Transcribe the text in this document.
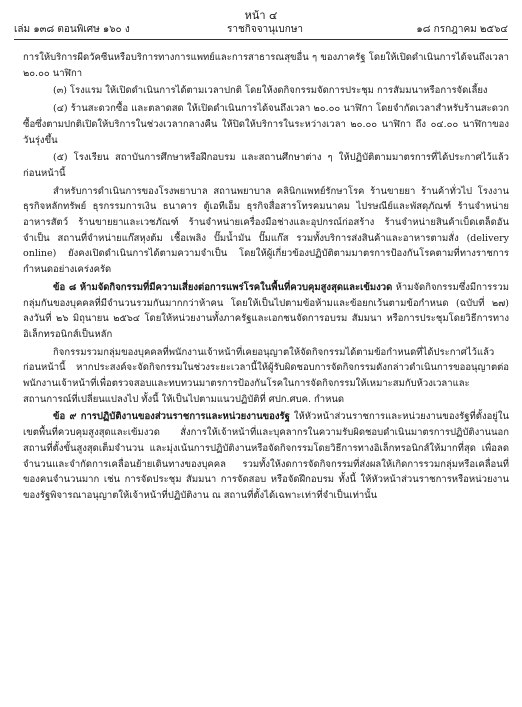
หน้า ๔
เล่ม ๑๓๘ ตอนพิเศษ ๑๖๐ ง	ราชกิจจานุเบกษา	๑๘ กรกฎาคม ๒๕๖๔

การให้บริการผีดวัคซีนหรือบริการทางการแพทย์และการสาธารณสุขอื่น ๆ ของภาครัฐ โดยให้เปิดดำเนินการได้จนถึงเวลา ๒๐.๐๐ นาฬิกา

(๓) โรงแรม ให้เปิดดำเนินการได้ตามเวลาปกติ โดยให้งดกิจกรรมจัดการประชุม การสัมมนาหรือการจัดเลี้ยง

(๔) ร้านสะดวกซื้อ และตลาดสด ให้เปิดดำเนินการได้จนถึงเวลา ๒๐.๐๐ นาฬิกา โดยจำกัดเวลาสำหรับร้านสะดวกซื้อซึ่งตามปกติเปิดให้บริการในช่วงเวลากลางคืน ให้ปิดให้บริการในระหว่างเวลา ๒๐.๐๐ นาฬิกา ถึง ๐๔.๐๐ นาฬิกาของวันรุ่งขึ้น

(๕) โรงเรียน สถาบันการศึกษาหรือฝึกอบรม และสถานศึกษาต่าง ๆ ให้ปฏิบัติตามมาตรการที่ได้ประกาศไว้แล้วก่อนหน้านี้

สำหรับการดำเนินการของโรงพยาบาล สถานพยาบาล คลินิกแพทย์รักษาโรค ร้านขายยา ร้านค้าทั่วไป โรงงาน ธุรกิจหลักทรัพย์ ธุรกรรมการเงิน ธนาคาร ตู้เอทีเอ็ม ธุรกิจสื่อสารโทรคมนาคม ไปรษณีย์และพัสดุภัณฑ์ ร้านจำหน่ายอาหารสัตว์ ร้านขายยาและเวชภัณฑ์ ร้านจำหน่ายเครื่องมือช่างและอุปกรณ์ก่อสร้าง ร้านจำหน่ายสินค้าเบ็ดเตล็ดอันจำเป็น สถานที่จำหน่ายแก๊สหุงต้ม เชื้อเพลิง ปั๊มน้ำมัน ปั๊มแก๊ส รวมทั้งบริการส่งสินค้าและอาหารตามสั่ง (delivery online) ยังคงเปิดดำเนินการได้ตามความจำเป็น โดยให้ผู้เกี่ยวข้องปฏิบัติตามมาตรการป้องกันโรคตามที่ทางราชการกำหนดอย่างเคร่งครัด

ข้อ ๘ ห้ามจัดกิจกรรมที่มีความเสี่ยงต่อการแพร่โรคในพื้นที่ควบคุมสูงสุดและเข้มงวด ห้ามจัดกิจกรรมซึ่งมีการรวมกลุ่มกันของบุคคลที่มีจำนวนรวมกันมากกว่าห้าคน โดยให้เป็นไปตามข้อห้ามและข้อยกเว้นตามข้อกำหนด (ฉบับที่ ๒๗) ลงวันที่ ๒๖ มิถุนายน ๒๕๖๔ โดยให้หน่วยงานทั้งภาครัฐและเอกชนจัดการอบรม สัมมนา หรือการประชุมโดยวิธีการทางอิเล็กทรอนิกส์เป็นหลัก

กิจกรรมรวมกลุ่มของบุคคลที่พนักงานเจ้าหน้าที่เคยอนุญาตให้จัดกิจกรรมได้ตามข้อกำหนดที่ได้ประกาศไว้แล้วก่อนหน้านี้ หากประสงค์จะจัดกิจกรรมในช่วงระยะเวลานี้ให้ผู้รับผิดชอบการจัดกิจกรรมดังกล่าวดำเนินการขออนุญาตต่อพนักงานเจ้าหน้าที่เพื่อตรวจสอบและทบทวนมาตรการป้องกันโรคในการจัดกิจกรรมให้เหมาะสมกับห้วงเวลาและสถานการณ์ที่เปลี่ยนแปลงไป ทั้งนี้ ให้เป็นไปตามแนวปฏิบัติที่ ศปก.ศบค. กำหนด

ข้อ ๙ การปฏิบัติงานของส่วนราชการและหน่วยงานของรัฐ ให้หัวหน้าส่วนราชการและหน่วยงานของรัฐที่ตั้งอยู่ในเขตพื้นที่ควบคุมสูงสุดและเข้มงวด สั่งการให้เจ้าหน้าที่และบุคลากรในความรับผิดชอบดำเนินมาตรการปฏิบัติงานนอกสถานที่ตั้งขั้นสูงสุดเต็มจำนวน และมุ่งเน้นการปฏิบัติงานหรือจัดกิจกรรมโดยวิธีการทางอิเล็กทรอนิกส์ให้มากที่สุด เพื่อลดจำนวนและจำกัดการเคลื่อนย้ายเดินทางของบุคคล รวมทั้งให้งดการจัดกิจกรรมที่ส่งผลให้เกิดการรวมกลุ่มหรือเคลื่อนที่ของคนจำนวนมาก เช่น การจัดประชุม สัมมนา การจัดสอบ หรือจัดฝึกอบรม ทั้งนี้ ให้หัวหน้าส่วนราชการหรือหน่วยงานของรัฐพิจารณาอนุญาตให้เจ้าหน้าที่ปฏิบัติงาน ณ สถานที่ตั้งได้เฉพาะเท่าที่จำเป็นเท่านั้น
